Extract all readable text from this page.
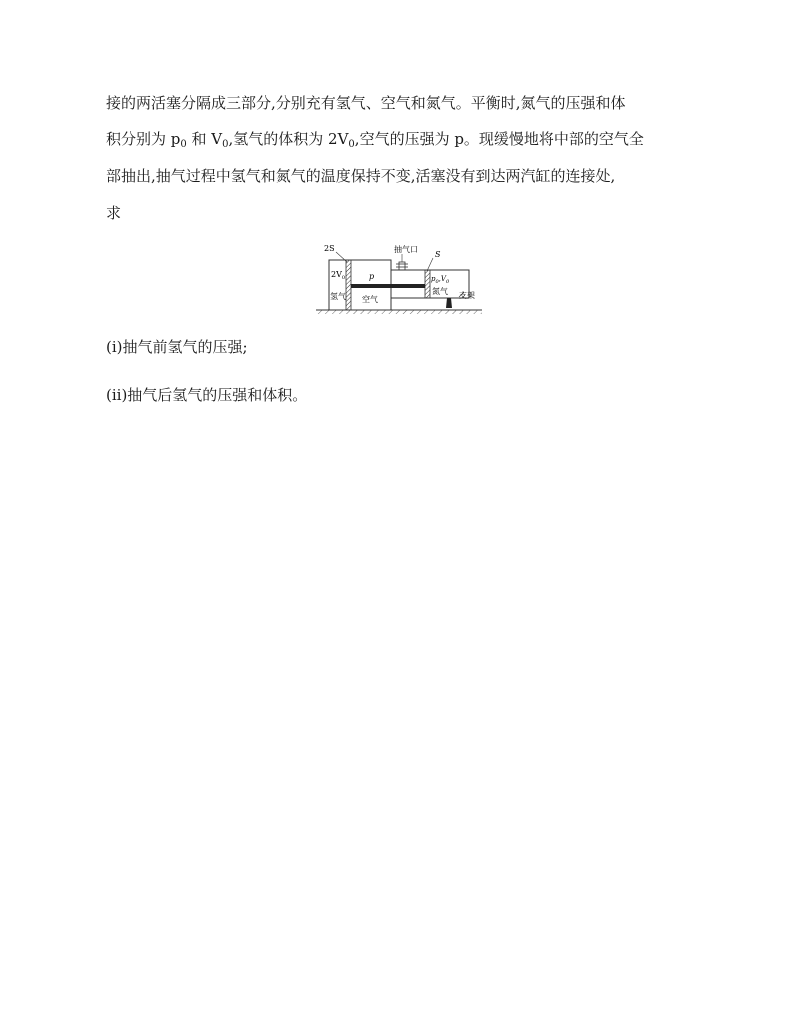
接的两活塞分隔成三部分,分别充有氢气、空气和氮气。平衡时,氮气的压强和体
积分别为 $p_0$ 和 $V_0$,氢气的体积为 $2V_0$,空气的压强为 p。现缓慢地将中部的空气全
部抽出,抽气过程中氢气和氮气的温度保持不变,活塞没有到达两汽缸的连接处,
求
2S
S
抽气口
$2V_0$	p	$p_0,V_0$
氢气 空气
氮气 支架
(ⅰ)抽气前氢气的压强;
(ⅱ)抽气后氢气的压强和体积。
